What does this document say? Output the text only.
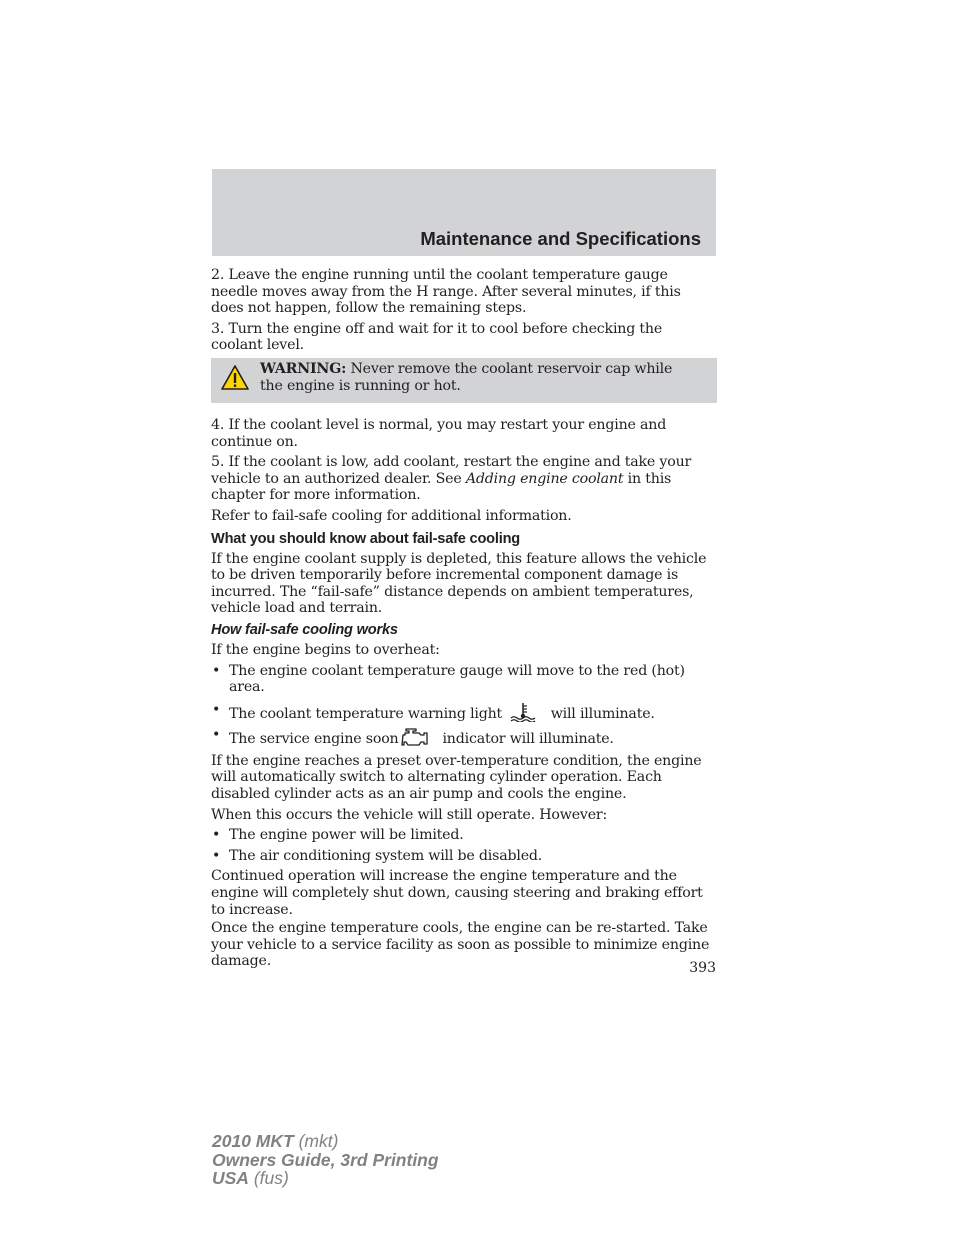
Maintenance and Specifications

2. Leave the engine running until the coolant temperature gauge needle moves away from the H range. After several minutes, if this does not happen, follow the remaining steps.

3. Turn the engine off and wait for it to cool before checking the coolant level.

WARNING: Never remove the coolant reservoir cap while the engine is running or hot.

4. If the coolant level is normal, you may restart your engine and continue on.

5. If the coolant is low, add coolant, restart the engine and take your vehicle to an authorized dealer. See Adding engine coolant in this chapter for more information.

Refer to fail-safe cooling for additional information.

What you should know about fail-safe cooling

If the engine coolant supply is depleted, this feature allows the vehicle to be driven temporarily before incremental component damage is incurred. The “fail-safe” distance depends on ambient temperatures, vehicle load and terrain.

How fail-safe cooling works

If the engine begins to overheat:

• The engine coolant temperature gauge will move to the red (hot) area.
• The coolant temperature warning light	will illuminate.
• The service engine soon	indicator will illuminate.

If the engine reaches a preset over-temperature condition, the engine will automatically switch to alternating cylinder operation. Each disabled cylinder acts as an air pump and cools the engine.

When this occurs the vehicle will still operate. However:

• The engine power will be limited.
• The air conditioning system will be disabled.

Continued operation will increase the engine temperature and the engine will completely shut down, causing steering and braking effort to increase.

Once the engine temperature cools, the engine can be re-started. Take your vehicle to a service facility as soon as possible to minimize engine damage.	393
2010 MKT (mkt)
Owners Guide, 3rd Printing
USA (fus)
